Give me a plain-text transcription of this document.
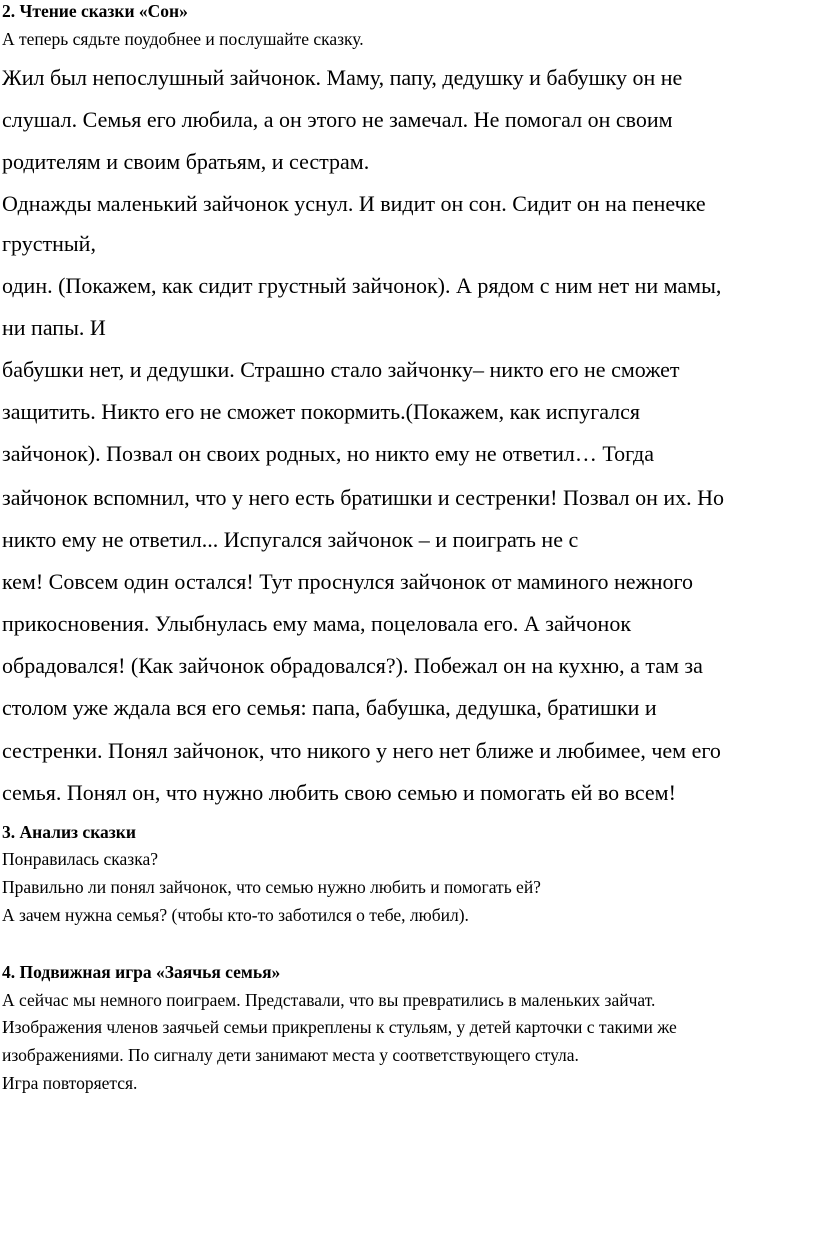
2. Чтение сказки «Сон»
А теперь сядьте поудобнее и послушайте сказку.
Жил был непослушный зайчонок. Маму, папу, дедушку и бабушку он не
слушал. Семья его любила, а он этого не замечал. Не помогал он своим
родителям и своим братьям, и сестрам.
Однажды маленький зайчонок уснул. И видит он сон. Сидит он на пенечке
грустный,
один. (Покажем, как сидит грустный зайчонок). А рядом с ним нет ни мамы,
ни папы. И
бабушки нет, и дедушки. Страшно стало зайчонку– никто его не сможет
защитить. Никто его не сможет покормить.(Покажем, как испугался
зайчонок). Позвал он своих родных, но никто ему не ответил… Тогда
зайчонок вспомнил, что у него есть братишки и сестренки! Позвал он их. Но
никто ему не ответил... Испугался зайчонок – и поиграть не с
кем! Совсем один остался! Тут проснулся зайчонок от маминого нежного
прикосновения. Улыбнулась ему мама, поцеловала его. А зайчонок
обрадовался! (Как зайчонок обрадовался?). Побежал он на кухню, а там за
столом уже ждала вся его семья: папа, бабушка, дедушка, братишки и
сестренки. Понял зайчонок, что никого у него нет ближе и любимее, чем его
семья. Понял он, что нужно любить свою семью и помогать ей во всем!
3. Анализ сказки
Понравилась сказка?
Правильно ли понял зайчонок, что семью нужно любить и помогать ей?
А зачем нужна семья? (чтобы кто-то заботился о тебе, любил).
4. Подвижная игра «Заячья семья»
А сейчас мы немного поиграем. Представали, что вы превратились в маленьких зайчат.
Изображения членов заячьей семьи прикреплены к стульям, у детей карточки с такими же
изображениями. По сигналу дети занимают места у соответствующего стула.
Игра повторяется.
